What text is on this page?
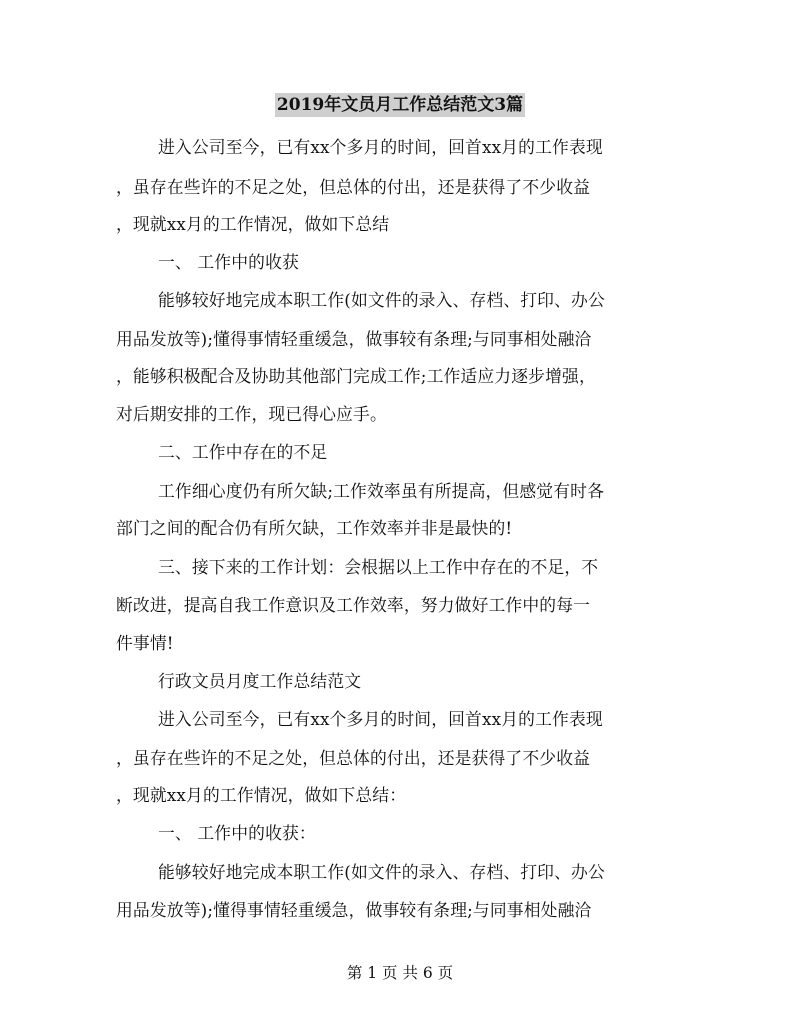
2019年文员月工作总结范文3篇
进入公司至今，已有xx个多月的时间，回首xx月的工作表现
，虽存在些许的不足之处，但总体的付出，还是获得了不少收益
，现就xx月的工作情况，做如下总结
一、 工作中的收获
能够较好地完成本职工作(如文件的录入、存档、打印、办公
用品发放等);懂得事情轻重缓急，做事较有条理;与同事相处融洽
，能够积极配合及协助其他部门完成工作;工作适应力逐步增强，
对后期安排的工作，现已得心应手。
二、工作中存在的不足
工作细心度仍有所欠缺;工作效率虽有所提高，但感觉有时各
部门之间的配合仍有所欠缺，工作效率并非是最快的!
三、接下来的工作计划：会根据以上工作中存在的不足，不
断改进，提高自我工作意识及工作效率，努力做好工作中的每一
件事情!
行政文员月度工作总结范文
进入公司至今，已有xx个多月的时间，回首xx月的工作表现
，虽存在些许的不足之处，但总体的付出，还是获得了不少收益
，现就xx月的工作情况，做如下总结：
一、 工作中的收获：
能够较好地完成本职工作(如文件的录入、存档、打印、办公
用品发放等);懂得事情轻重缓急，做事较有条理;与同事相处融洽
第 1 页 共 6 页
